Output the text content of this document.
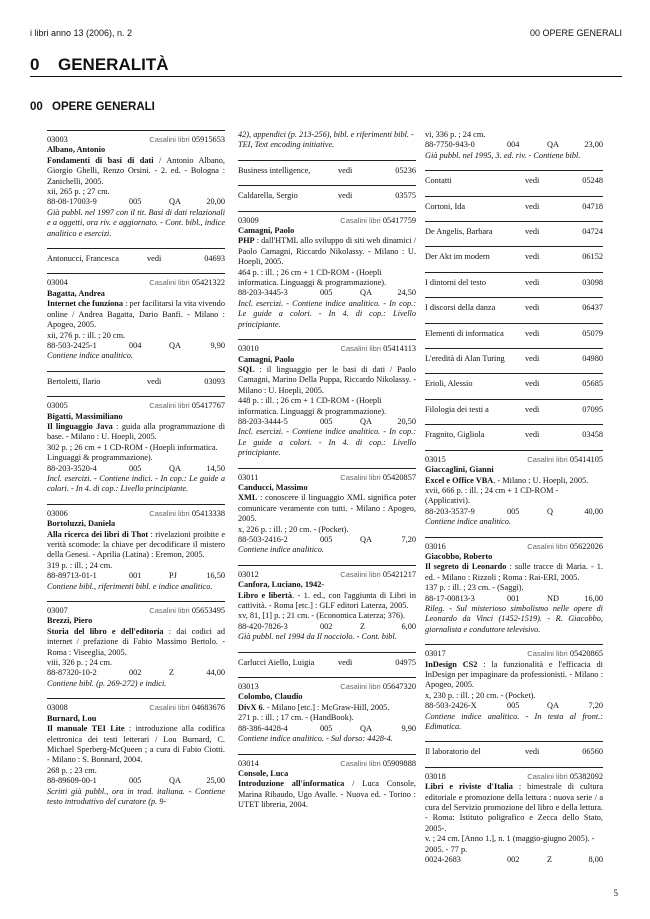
i libri anno 13 (2006), n. 2	00 OPERE GENERALI
0 GENERALITÀ
00 OPERE GENERALI
03003	Casalini libri 05915653
Albano, Antonio
Fondamenti di basi di dati / Antonio Albano, Giorgio Ghelli, Renzo Orsini. - 2. ed. - Bologna : Zanichelli, 2005.
xii, 265 p. ; 27 cm.
88-08-17003-9	005	QA	20,00
Già pubbl. nel 1997 con il tit. Basi di dati relazionali e a oggetti, ora riv. e aggiornato. - Cont. bibl., indice analitico e esercizi.
Antonucci, Francesca	vedi	04693
03004	Casalini libri 05421322
Bagatta, Andrea
Internet che funziona : per facilitarsi la vita vivendo online / Andrea Bagatta, Dario Banfi. - Milano : Apogeo, 2005.
xii, 276 p. : ill. ; 20 cm.
88-503-2425-1	004	QA	9,90
Contiene indice analitico.
Bertoletti, Ilario	vedi	03093
03005	Casalini libri 05417767
Bigatti, Massimiliano
Il linguaggio Java : guida alla programmazione di base. - Milano : U. Hoepli, 2005.
302 p. ; 26 cm + 1 CD-ROM - (Hoepli informatica. Linguaggi & programmazione).
88-203-3520-4	005	QA	14,50
Incl. esercizi. - Contiene indici. - In cop.: Le guide a colori. - In 4. di cop.: Livello principiante.
03006	Casalini libri 05413338
Bortoluzzi, Daniela
Alla ricerca dei libri di Thot : rivelazioni proibite e verità scomode: la chiave per decodificare il mistero della Genesi. - Aprilia (Latina) : Eremon, 2005.
319 p. : ill. ; 24 cm.
88-89713-01-1	001	PJ	16,50
Contiene bibl., riferimenti bibl. e indice analitico.
03007	Casalini libri 05653495
Brezzi, Piero
Storia del libro e dell'editoria : dai codici ad internet / prefazione di Fabio Massimo Bertolo. - Roma : Viseeglia, 2005.
viii, 326 p. ; 24 cm.
88-87320-10-2	002	Z	44,00
Contiene bibl. (p. 269-272) e indici.
03008	Casalini libri 04683676
Burnard, Lou
Il manuale TEI Lite : introduzione alla codifica elettronica dei testi letterari / Lou Burnard, C. Michael Sperberg-McQueen ; a cura di Fabio Ciotti. - Milano : S. Bonnard, 2004.
268 p. ; 23 cm.
88-89609-00-1	005	QA	25,00
Scritti già pubbl., ora in trad. italiana. - Contiene testo introduttivo del curatore (p. 9-
42), appendici (p. 213-256), bibl. e riferimenti bibl. - TEI, Text encoding initiative.
Business intelligence,	vedi	05236
Caldarella, Sergio	vedi	03575
03009	Casalini libri 05417759
Camagni, Paolo
PHP : dall'HTML allo sviluppo di siti web dinamici / Paolo Camagni, Riccardo Nikolassy. - Milano : U. Hoepli, 2005.
464 p. : ill. ; 26 cm + 1 CD-ROM - (Hoepli informatica. Linguaggi & programmazione).
88-203-3445-3	005	QA	24,50
Incl. esercizi. - Contiene indice analitico. - In cop.: Le guide a colori. - In 4. di cop.: Livello principiante.
03010	Casalini libri 05414113
Camagni, Paolo
SQL : il linguaggio per le basi di dati / Paolo Camagni, Marino Della Puppa, Riccardo Nikolassy. - Milano : U. Hoepli, 2005.
448 p. : ill. ; 26 cm + 1 CD-ROM - (Hoepli informatica. Linguaggi & programmazione).
88-203-3444-5	005	QA	20,50
Incl. esercizi. - Contiene indice analitico. - In cop.: Le guide a colori. - In 4. di cop.: Livello principiante.
03011	Casalini libri 05420857
Canducci, Massimo
XML : conoscere il linguaggio XML significa poter comunicare veramente con tutti. - Milano : Apogeo, 2005.
x, 226 p. : ill. ; 20 cm. - (Pocket).
88-503-2416-2	005	QA	7,20
Contiene indice analitico.
03012	Casalini libri 05421217
Canfora, Luciano, 1942-
Libro e libertà. - 1. ed., con l'aggiunta di Libri in cattività. - Roma [etc.] : GLF editori Laterza, 2005.
xv, 81, [1] p. ; 21 cm. - (Economica Laterza; 376).
88-420-7826-3	002	Z	6,00
Già pubbl. nel 1994 da Il nocciolo. - Cont. bibl.
Carlucci Aiello, Luigia	vedi	04975
03013	Casalini libri 05647320
Colombo, Claudio
DivX 6. - Milano [etc.] : McGraw-Hill, 2005.
271 p. : ill. ; 17 cm. - (HandBook).
88-386-4428-4	005	QA	9,90
Contiene indice analitico. - Sul dorso: 4428-4.
03014	Casalini libri 05909888
Console, Luca
Introduzione all'informatica / Luca Console, Marina Ribaudo, Ugo Avalle. - Nuova ed. - Torino : UTET libreria, 2004.
vi, 336 p. ; 24 cm.
88-7750-943-0	004	QA	23,00
Già pubbl. nel 1995, 3. ed. riv. - Contiene bibl.
Contatti	vedi	05248
Cortoni, Ida	vedi	04718
De Angelis, Barbara	vedi	04724
Der Akt im modern	vedi	06152
I dintorni del testo	vedi	03098
I discorsi della danza	vedi	06437
Elementi di informatica	vedi	05079
L'eredità di Alan Turing	vedi	04980
Erioli, Alessio	vedi	05685
Filologia dei testi a	vedi	07095
Fragnito, Gigliola	vedi	03458
03015	Casalini libri 05414105
Giaccaglini, Gianni
Excel e Office VBA. - Milano : U. Hoepli, 2005.
xvii, 666 p. : ill. ; 24 cm + 1 CD-ROM - (Applicativi).
88-203-3537-9	005	Q	40,00
Contiene indice analitico.
03016	Casalini libri 05622026
Giacobbo, Roberto
Il segreto di Leonardo : sulle tracce di Maria. - 1. ed. - Milano : Rizzoli ; Roma : Rai-ERI, 2005.
137 p. : ill. ; 23 cm. - (Saggi).
88-17-00813-3	001	ND	16,00
Rileg. - Sul misterioso simbolismo nelle opere di Leonardo da Vinci (1452-1519). - R. Giacobbo, giornalista e conduttore televisivo.
03017	Casalini libri 05420865
InDesign CS2 : la funzionalità e l'efficacia di InDesign per impaginare da professionisti. - Milano : Apogeo, 2005.
x, 230 p. : ill. ; 20 cm. - (Pocket).
88-503-2426-X	005	QA	7,20
Contiene indice analitico. - In testa al front.: Edimatica.
Il laboratorio del	vedi	06560
03018	Casalini libri 05382092
Libri e riviste d'Italia : bimestrale di cultura editoriale e promozione della lettura : nuova serie / a cura del Servizio promozione del libro e della lettura. - Roma: Istituto poligrafico e Zecca dello Stato, 2005-.
v. ; 24 cm. [Anno 1.], n. 1 (maggio-giugno 2005). - 2005. - 77 p.
0024-2683	002	Z	8,00
5
